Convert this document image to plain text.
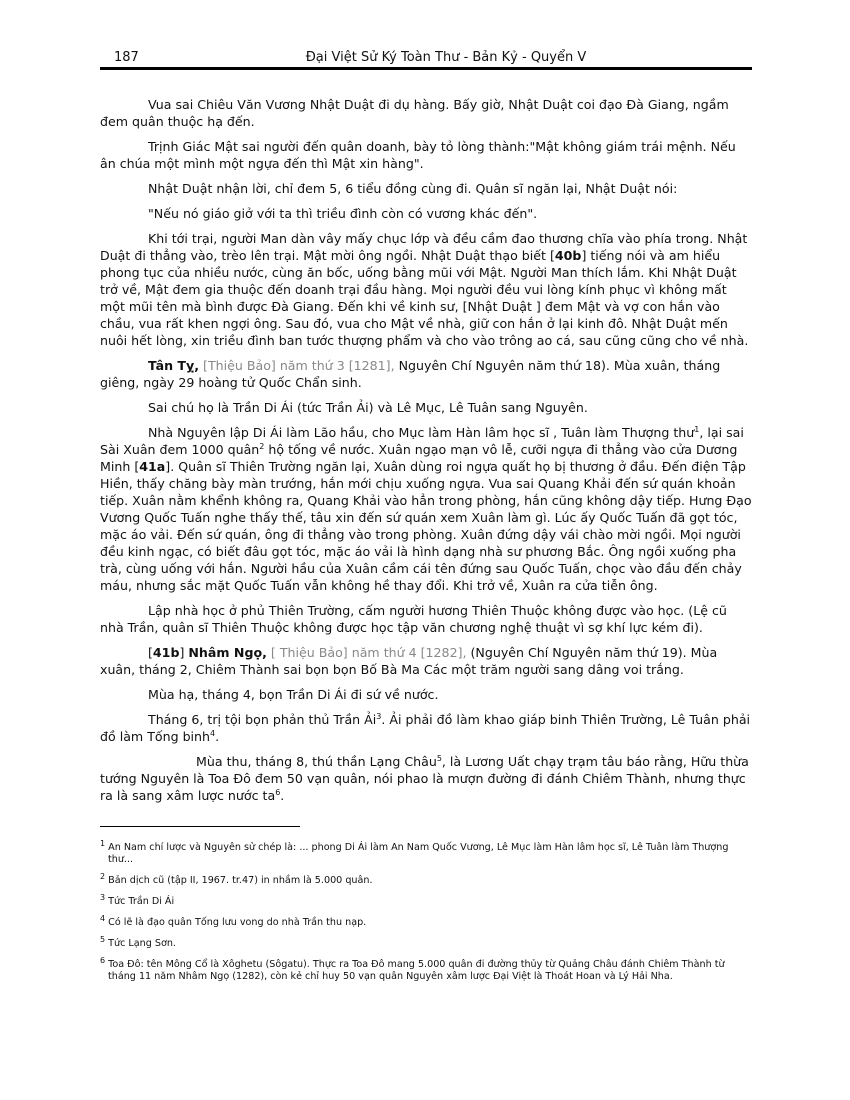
187	Đại Việt Sử Ký Toàn Thư - Bản Kỷ - Quyển V

Vua sai Chiêu Văn Vương Nhật Duật đi dụ hàng. Bấy giờ, Nhật Duật coi đạo Đà Giang, ngầm đem quân thuộc hạ đến.

Trịnh Giác Mật sai người đến quân doanh, bày tỏ lòng thành:"Mật không giám trái mệnh. Nếu ân chúa một mình một ngựa đến thì Mật xin hàng".

Nhật Duật nhận lời, chỉ đem 5, 6 tiểu đồng cùng đi. Quân sĩ ngăn lại, Nhật Duật nói:

"Nếu nó giáo giở với ta thì triều đình còn có vương khác đến".

Khi tới trại, người Man dàn vây mấy chục lớp và đều cầm đao thương chĩa vào phía trong. Nhật Duật đi thẳng vào, trèo lên trại. Mật mời ông ngồi. Nhật Duật thạo biết [40b] tiếng nói và am hiểu phong tục của nhiều nước, cùng ăn bốc, uống bằng mũi với Mật. Người Man thích lắm. Khi Nhật Duật trở về, Mật đem gia thuộc đến doanh trại đầu hàng. Mọi người đều vui lòng kính phục vì không mất một mũi tên mà bình được Đà Giang. Đến khi về kinh sư, [Nhật Duật ] đem Mật và vợ con hắn vào chầu, vua rất khen ngợi ông. Sau đó, vua cho Mật về nhà, giữ con hắn ở lại kinh đô. Nhật Duật mến nuôi hết lòng, xin triều đình ban tước thượng phẩm và cho vào trông ao cá, sau cũng cũng cho về nhà.

Tân Tỵ, [Thiệu Bảo] năm thứ 3 [1281], Nguyên Chí Nguyên năm thứ 18). Mùa xuân, tháng giêng, ngày 29 hoàng tử Quốc Chẩn sinh.

Sai chú họ là Trần Di Ái (tức Trần Ải) và Lê Mục, Lê Tuân sang Nguyên.

Nhà Nguyên lập Di Ái làm Lão hầu, cho Mục làm Hàn lâm học sĩ , Tuân làm Thượng thư$^1$, lại sai Sài Xuân đem 1000 quân$^2$ hộ tống về nước. Xuân ngạo mạn vô lễ, cưỡi ngựa đi thẳng vào cửa Dương Minh [41a]. Quân sĩ Thiên Trường ngăn lại, Xuân dùng roi ngựa quất họ bị thương ở đầu. Đến điện Tập Hiền, thấy chăng bày màn trướng, hắn mới chịu xuống ngựa. Vua sai Quang Khải đến sứ quán khoản tiếp. Xuân nằm khểnh không ra, Quang Khải vào hẳn trong phòng, hắn cũng không dậy tiếp. Hưng Đạo Vương Quốc Tuấn nghe thấy thế, tâu xin đến sứ quán xem Xuân làm gì. Lúc ấy Quốc Tuấn đã gọt tóc, mặc áo vải. Đến sứ quán, ông đi thẳng vào trong phòng. Xuân đứng dậy vái chào mời ngồi. Mọi người đều kinh ngạc, có biết đâu gọt tóc, mặc áo vải là hình dạng nhà sư phương Bắc. Ông ngồi xuống pha trà, cùng uống với hắn. Người hầu của Xuân cầm cái tên đứng sau Quốc Tuấn, chọc vào đầu đến chảy máu, nhưng sắc mặt Quốc Tuấn vẫn không hề thay đổi. Khi trở về, Xuân ra cửa tiễn ông.

Lập nhà học ở phủ Thiên Trường, cấm người hương Thiên Thuộc không được vào học. (Lệ cũ nhà Trần, quân sĩ Thiên Thuộc không được học tập văn chương nghệ thuật vì sợ khí lực kém đi).

[41b] Nhâm Ngọ, [ Thiệu Bảo] năm thứ 4 [1282], (Nguyên Chí Nguyên năm thứ 19). Mùa xuân, tháng 2, Chiêm Thành sai bọn bọn Bố Bà Ma Các một trăm người sang dâng voi trắng.

Mùa hạ, tháng 4, bọn Trần Di Ái đi sứ về nước.

Tháng 6, trị tội bọn phản thủ Trần Ải$^3$. Ải phải đồ làm khao giáp binh Thiên Trường, Lê Tuân phải đồ làm Tống binh$^4$.

Mùa thu, tháng 8, thú thần Lạng Châu$^5$, là Lương Uất chạy trạm tâu báo rằng, Hữu thừa tướng Nguyên là Toa Đô đem 50 vạn quân, nói phao là mượn đường đi đánh Chiêm Thành, nhưng thực ra là sang xâm lược nước $ta^6$.

$^1$ An Nam chí lược và Nguyên sử chép là: ... phong Di Ái làm An Nam Quốc Vương, Lê Mục làm Hàn lâm học sĩ, Lê Tuân làm Thượng thư...
$^2$ Bản dịch cũ (tập II, 1967. tr.47) in nhầm là 5.000 quân.
$^3$ Tức Trần Di Ái
$^4$ Có lẽ là đạo quân Tống lưu vong do nhà Trần thu nạp.
$^5$ Tức Lạng Sơn.
$^6$ Toa Đô: tên Mông Cổ là Xôghetu (Sôgatu). Thực ra Toa Đô mang 5.000 quân đi đường thủy từ Quảng Châu đánh Chiêm Thành từ tháng 11 năm Nhâm Ngọ (1282), còn kẻ chỉ huy 50 vạn quân Nguyên xâm lược Đại Việt là Thoát Hoan và Lý Hải Nha.
